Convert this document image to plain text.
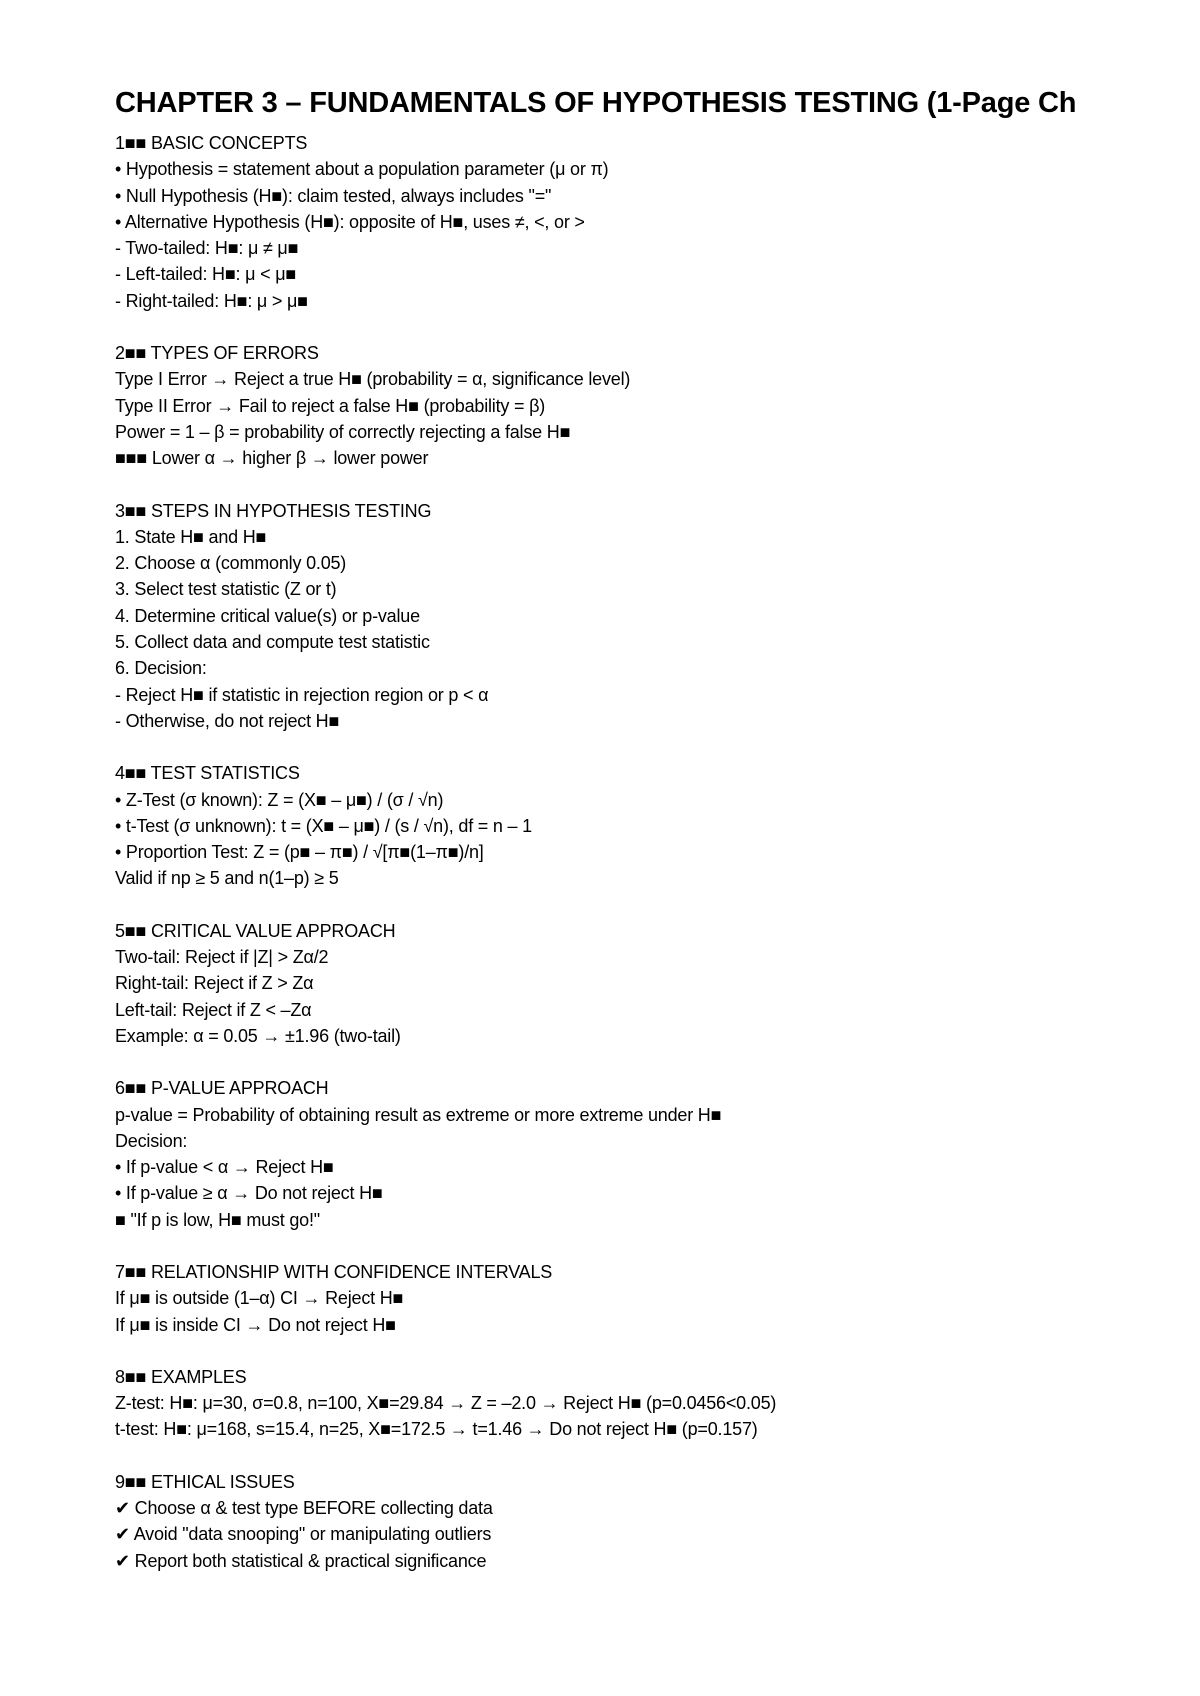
CHAPTER 3 – FUNDAMENTALS OF HYPOTHESIS TESTING (1-Page Ch
1■■ BASIC CONCEPTS
• Hypothesis = statement about a population parameter (μ or π)
• Null Hypothesis (H■): claim tested, always includes "="
• Alternative Hypothesis (H■): opposite of H■, uses ≠, <, or >
- Two-tailed: H■: μ ≠ μ■
- Left-tailed: H■: μ < μ■
- Right-tailed: H■: μ > μ■
2■■ TYPES OF ERRORS
Type I Error → Reject a true H■ (probability = α, significance level)
Type II Error → Fail to reject a false H■ (probability = β)
Power = 1 – β = probability of correctly rejecting a false H■
■■■ Lower α → higher β → lower power
3■■ STEPS IN HYPOTHESIS TESTING
1. State H■ and H■
2. Choose α (commonly 0.05)
3. Select test statistic (Z or t)
4. Determine critical value(s) or p-value
5. Collect data and compute test statistic
6. Decision:
- Reject H■ if statistic in rejection region or p < α
- Otherwise, do not reject H■
4■■ TEST STATISTICS
• Z-Test (σ known): Z = (X■ – μ■) / (σ / √n)
• t-Test (σ unknown): t = (X■ – μ■) / (s / √n), df = n – 1
• Proportion Test: Z = (p■ – π■) / √[π■(1–π■)/n]
Valid if np ≥ 5 and n(1–p) ≥ 5
5■■ CRITICAL VALUE APPROACH
Two-tail: Reject if |Z| > Zα/2
Right-tail: Reject if Z > Zα
Left-tail: Reject if Z < –Zα
Example: α = 0.05 → ±1.96 (two-tail)
6■■ P-VALUE APPROACH
p-value = Probability of obtaining result as extreme or more extreme under H■
Decision:
• If p-value < α → Reject H■
• If p-value ≥ α → Do not reject H■
■ "If p is low, H■ must go!"
7■■ RELATIONSHIP WITH CONFIDENCE INTERVALS
If μ■ is outside (1–α) CI → Reject H■
If μ■ is inside CI → Do not reject H■
8■■ EXAMPLES
Z-test: H■: μ=30, σ=0.8, n=100, X■=29.84 → Z = –2.0 → Reject H■ (p=0.0456<0.05)
t-test: H■: μ=168, s=15.4, n=25, X■=172.5 → t=1.46 → Do not reject H■ (p=0.157)
9■■ ETHICAL ISSUES
✔ Choose α & test type BEFORE collecting data
✔ Avoid "data snooping" or manipulating outliers
✔ Report both statistical & practical significance
